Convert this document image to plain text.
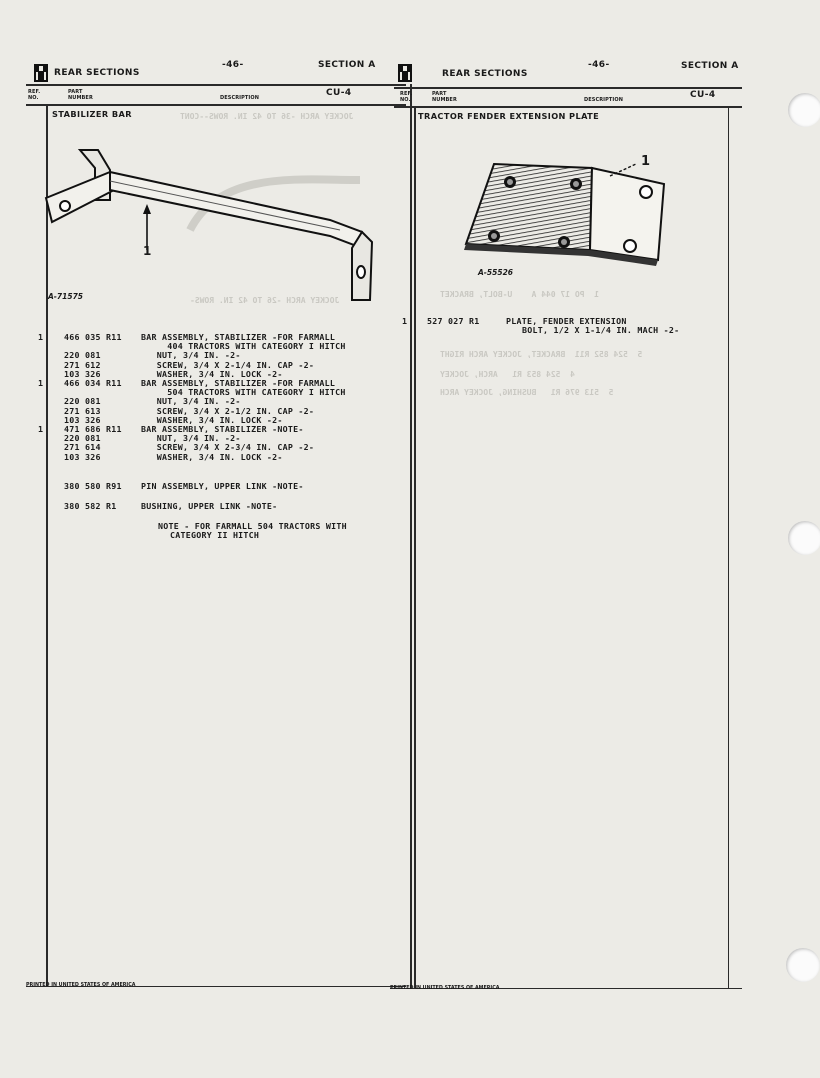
1  PO 17 044 A    U-BOLT, BRACKET
5  524 852 R11  BRACKET, JOCKEY ARCH RIGHT
4  524 853 R1   ARCH, JOCKEY
5  513 976 R1   BUSHING, JOCKEY ARCH
JOCKEY ARCH -26 TO 42 IN. ROWS-
JOCKEY ARCH -36 TO 42 IN. ROWS--CONT
REAR SECTIONS
-46-	SECTION A
CU-4
REF.
NO.
PART
NUMBER	DESCRIPTION
STABILIZER BAR
1
A-71575
1	466 035 R11 BAR ASSEMBLY, STABILIZER -FOR FARMALL
404 TRACTORS WITH CATEGORY I HITCH
220 081	NUT, 3/4 IN. -2-
271 612	SCREW, 3/4 X 2-1/4 IN. CAP -2-
103 326	WASHER, 3/4 IN. LOCK -2-
1	466 034 R11 BAR ASSEMBLY, STABILIZER -FOR FARMALL
504 TRACTORS WITH CATEGORY I HITCH
220 081	NUT, 3/4 IN. -2-
271 613	SCREW, 3/4 X 2-1/2 IN. CAP -2-
103 326	WASHER, 3/4 IN. LOCK -2-
1	471 686 R11 BAR ASSEMBLY, STABILIZER -NOTE-
220 081	NUT, 3/4 IN. -2-
271 614	SCREW, 3/4 X 2-3/4 IN. CAP -2-
103 326	WASHER, 3/4 IN. LOCK -2-
380 580 R91 PIN ASSEMBLY, UPPER LINK -NOTE-
380 582 R1	BUSHING, UPPER LINK -NOTE-
NOTE - FOR FARMALL 504 TRACTORS WITH
CATEGORY II HITCH
PRINTED IN UNITED STATES OF AMERICA
REAR SECTIONS
-46-	SECTION A
CU-4
REF.
NO.
PART
NUMBER	DESCRIPTION
TRACTOR FENDER EXTENSION PLATE
1
A-55526
1 527 027 R1	PLATE, FENDER EXTENSION
BOLT, 1/2 X 1-1/4 IN. MACH -2-
PRINTED IN UNITED STATES OF AMERICA
